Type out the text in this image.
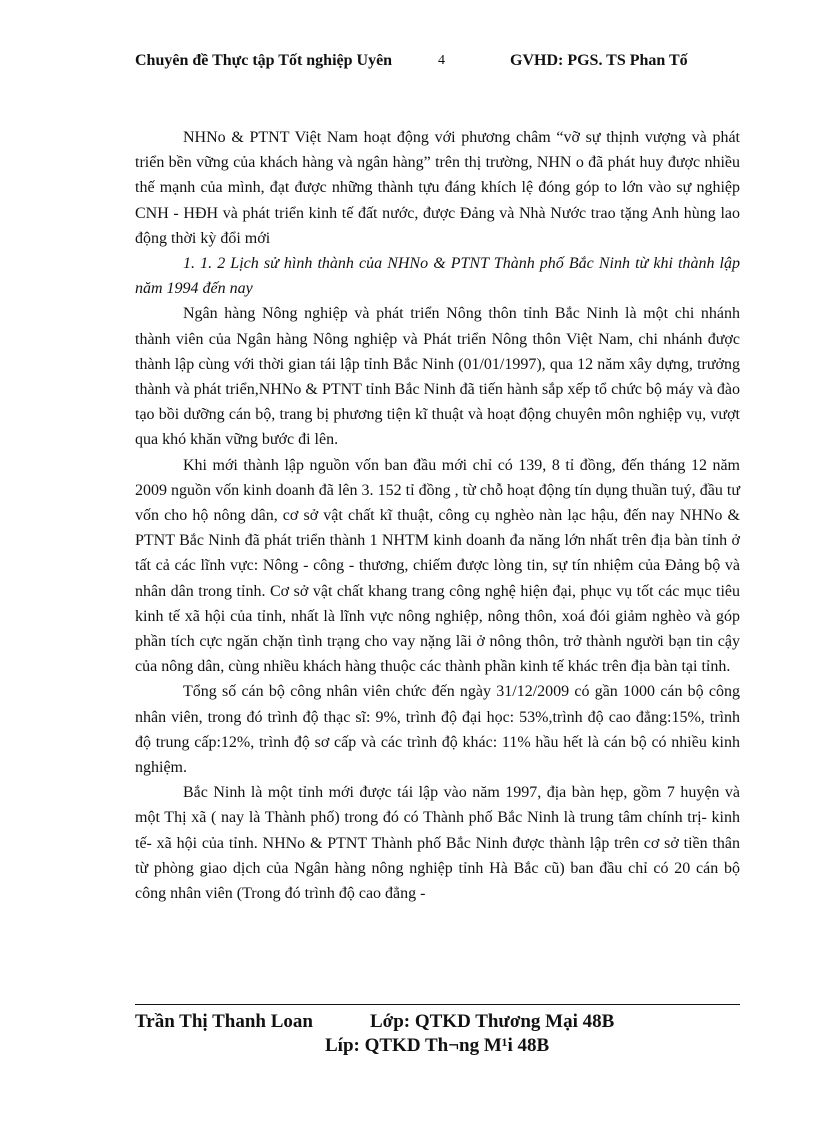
Chuyên đề Thực tập Tốt nghiệp Uyên	4	GVHD: PGS. TS Phan Tố

NHNo & PTNT Việt Nam hoạt động với phương châm “vỡ sự thịnh vượng và phát triển bền vững của khách hàng và ngân hàng” trên thị trường, NHN o đã phát huy được nhiều thế mạnh của mình, đạt được những thành tựu đáng khích lệ đóng góp to lớn vào sự nghiệp CNH - HĐH và phát triển kinh tế đất nước, được Đảng và Nhà Nước trao tặng Anh hùng lao động thời kỳ đổi mới

1. 1. 2 Lịch sử hình thành của NHNo & PTNT Thành phố Bắc Ninh từ khi thành lập năm 1994 đến nay

Ngân hàng Nông nghiệp và phát triển Nông thôn tỉnh Bắc Ninh là một chi nhánh thành viên của Ngân hàng Nông nghiệp và Phát triển Nông thôn Việt Nam, chi nhánh được thành lập cùng với thời gian tái lập tỉnh Bắc Ninh (01/01/1997), qua 12 năm xây dựng, trưởng thành và phát triển,NHNo & PTNT tỉnh Bắc Ninh đã tiến hành sắp xếp tổ chức bộ máy và đào tạo bồi dưỡng cán bộ, trang bị phương tiện kĩ thuật và hoạt động chuyên môn nghiệp vụ, vượt qua khó khăn vững bước đi lên.

Khi mới thành lập nguồn vốn ban đầu mới chỉ có 139, 8 tỉ đồng, đến tháng 12 năm 2009 nguồn vốn kinh doanh đã lên 3. 152 tỉ đồng , từ chỗ hoạt động tín dụng thuần tuý, đầu tư vốn cho hộ nông dân, cơ sở vật chất kĩ thuật, công cụ nghèo nàn lạc hậu, đến nay NHNo & PTNT Bắc Ninh đã phát triển thành 1 NHTM kinh doanh đa năng lớn nhất trên địa bàn tỉnh ở tất cả các lĩnh vực: Nông - công - thương, chiếm được lòng tin, sự tín nhiệm của Đảng bộ và nhân dân trong tỉnh. Cơ sở vật chất khang trang công nghệ hiện đại, phục vụ tốt các mục tiêu kinh tế xã hội của tỉnh, nhất là lĩnh vực nông nghiệp, nông thôn, xoá đói giảm nghèo và góp phần tích cực ngăn chặn tình trạng cho vay nặng lãi ở nông thôn, trở thành người bạn tin cậy của nông dân, cùng nhiều khách hàng thuộc các thành phần kinh tế khác trên địa bàn tại tỉnh.

Tổng số cán bộ công nhân viên chức đến ngày 31/12/2009 có gần 1000 cán bộ công nhân viên, trong đó trình độ thạc sĩ: 9%, trình độ đại học: 53%,trình độ cao đẳng:15%, trình độ trung cấp:12%, trình độ sơ cấp và các trình độ khác: 11% hầu hết là cán bộ có nhiều kinh nghiệm.

Bắc Ninh là một tỉnh mới được tái lập vào năm 1997, địa bàn hẹp, gồm 7 huyện và một Thị xã ( nay là Thành phố) trong đó có Thành phố Bắc Ninh là trung tâm chính trị- kinh tế- xã hội của tỉnh. NHNo & PTNT Thành phố Bắc Ninh được thành lập trên cơ sở tiền thân từ phòng giao dịch của Ngân hàng nông nghiệp tỉnh Hà Bắc cũ) ban đầu chỉ có 20 cán bộ công nhân viên (Trong đó trình độ cao đẳng -

Trần Thị Thanh Loan	Lớp: QTKD Thương Mại 48B
Líp: QTKD Th¬ng M¹i 48B
